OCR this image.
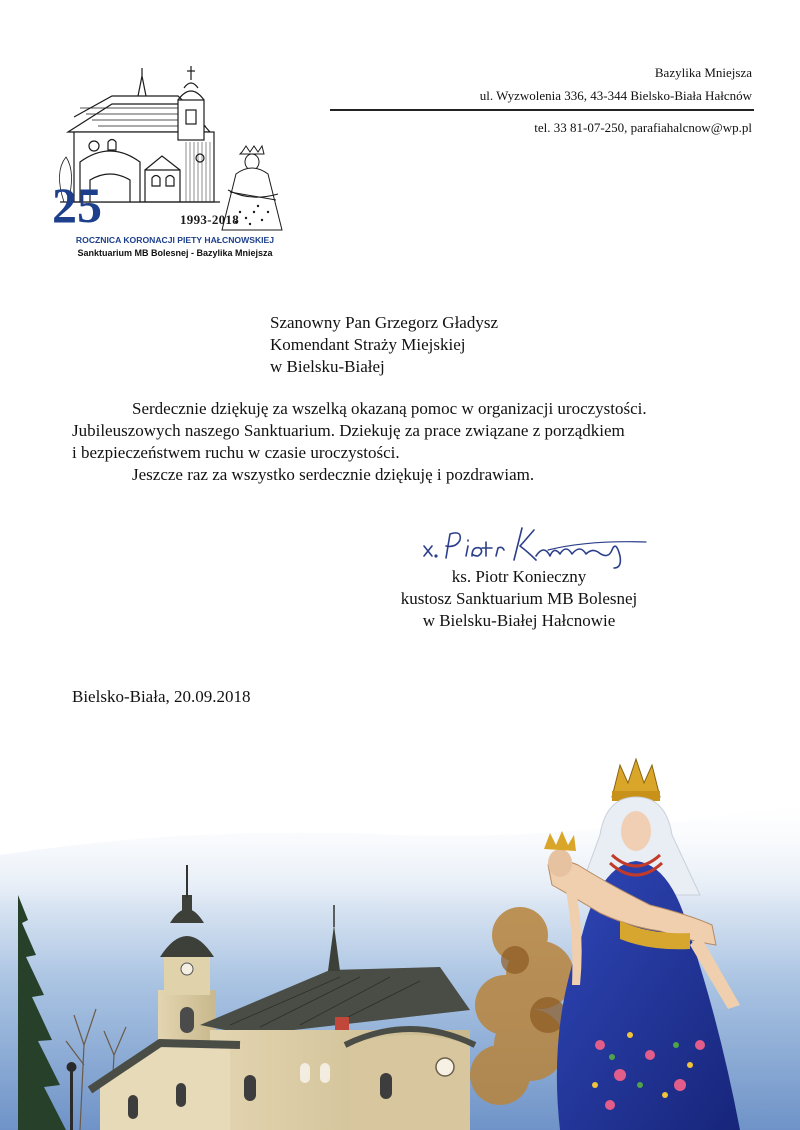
25	1993-2018
ROCZNICA KORONACJI PIETY HAŁCNOWSKIEJ
Sanktuarium MB Bolesnej - Bazylika Mniejsza
Bazylika Mniejsza
ul. Wyzwolenia 336, 43-344 Bielsko-Biała Hałcnów
tel. 33 81-07-250, parafiahalcnow@wp.pl
Szanowny Pan Grzegorz Gładysz
Komendant Straży Miejskiej
w Bielsku-Białej
Serdecznie dziękuję za wszelką okazaną pomoc w organizacji uroczystości.
Jubileuszowych naszego Sanktuarium. Dziekuję za prace związane z porządkiem
i bezpieczeństwem ruchu w czasie uroczystości.
Jeszcze raz za wszystko serdecznie dziękuję i pozdrawiam.
ks. Piotr Konieczny
kustosz Sanktuarium MB Bolesnej
w Bielsku-Białej Hałcnowie
Bielsko-Biała, 20.09.2018
